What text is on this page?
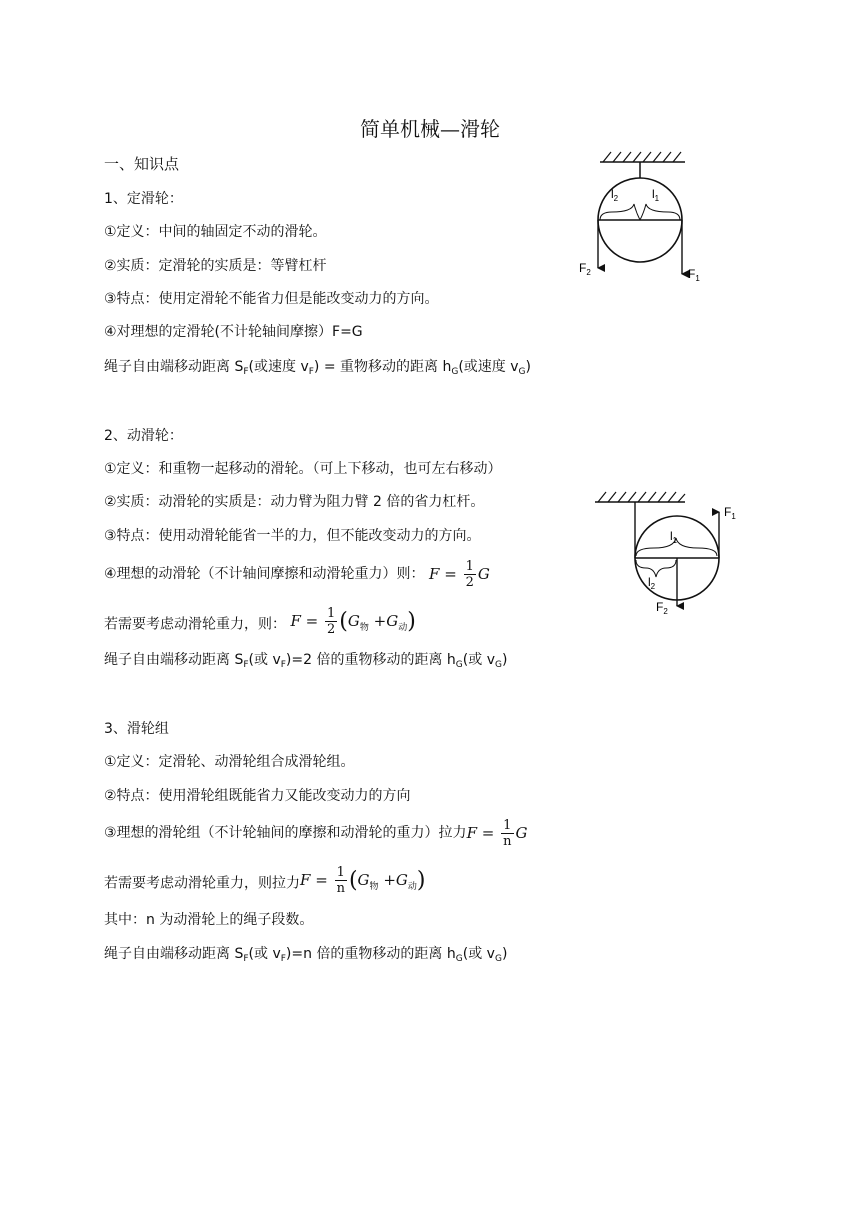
简单机械—滑轮
一、知识点
1、定滑轮：
①定义：中间的轴固定不动的滑轮。
②实质：定滑轮的实质是：等臂杠杆
③特点：使用定滑轮不能省力但是能改变动力的方向。
④对理想的定滑轮(不计轮轴间摩擦）F=G
绳子自由端移动距离 $S_F$(或速度 $v_F$) = 重物移动的距离 $h_G$(或速度 $v_G$)
2、动滑轮：
①定义：和重物一起移动的滑轮。（可上下移动，也可左右移动）
②实质：动滑轮的实质是：动力臂为阻力臂 2 倍的省力杠杆。
③特点：使用动滑轮能省一半的力，但不能改变动力的方向。
④理想的动滑轮（不计轴间摩擦和动滑轮重力）则： $F = \frac{1}{2}$ G
若需要考虑动滑轮重力，则： $F = \frac{1}{2} (G_物 +G_动)$
绳子自由端移动距离 $S_F$(或 $v_F)=2$ 倍的重物移动的距离 $h_G$(或 $v_G$)
3、滑轮组
①定义：定滑轮、动滑轮组合成滑轮组。
②特点：使用滑轮组既能省力又能改变动力的方向
③理想的滑轮组（不计轮轴间的摩擦和动滑轮的重力）拉力$F = \frac{1}{n}$ G
若需要考虑动滑轮重力，则拉力$F = \frac{1}{n} (G_物 +G_动)$
其中：n 为动滑轮上的绳子段数。
绳子自由端移动距离 $S_F$(或 $v_F)=n$ 倍的重物移动的距离 $h_G$(或 $v_G$)
$l_2$	$l_1$
$F_2$	$F_1$
$l_1$
$l_2$
$F_1$
$F_2$
